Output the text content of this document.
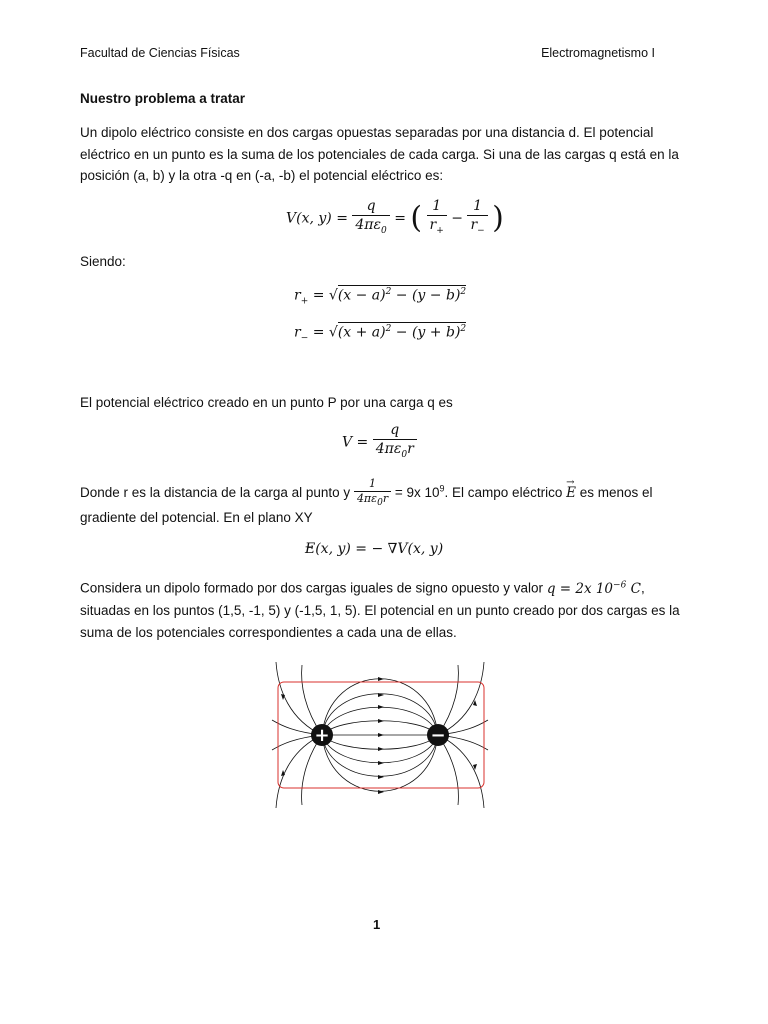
Facultad de Ciencias Físicas	Electromagnetismo I
Nuestro problema a tratar
Un dipolo eléctrico consiste en dos cargas opuestas separadas por una distancia d. El potencial eléctrico en un punto es la suma de los potenciales de cada carga. Si una de las cargas q está en la posición (a, b) y la otra -q en (-a, -b) el potencial eléctrico es:
V(x, $y) = \frac{q}{4\pi\varepsilon_0}$ = ( $\frac{1}{r_+} - \frac{1}{r_-}$ )
Siendo:
$r_+ = √(x - a)^2 - (y - b)^2$
$r_- = √(x + a)^2 - (y + b)^2$
El potencial eléctrico creado en un punto P por una carga q es
$V = \frac{q}{4\pi\varepsilon_0r}$
Donde r es la distancia de la carga al punto y $\frac{1}{4\pi\varepsilon_0r} = 9x$ $10^9$. El campo eléctrico → E es menos el
gradiente del potencial. En el plano XY
E(x, y) = − ∇V(x, y)
Considera un dipolo formado por dos cargas iguales de signo opuesto y valor q = 2x $10^{-6}$ C, situadas en los puntos (1,5, -1, 5) y (-1,5, 1, 5). El potencial en un punto creado por dos cargas es la suma de los potenciales correspondientes a cada una de ellas.
+	−
1
